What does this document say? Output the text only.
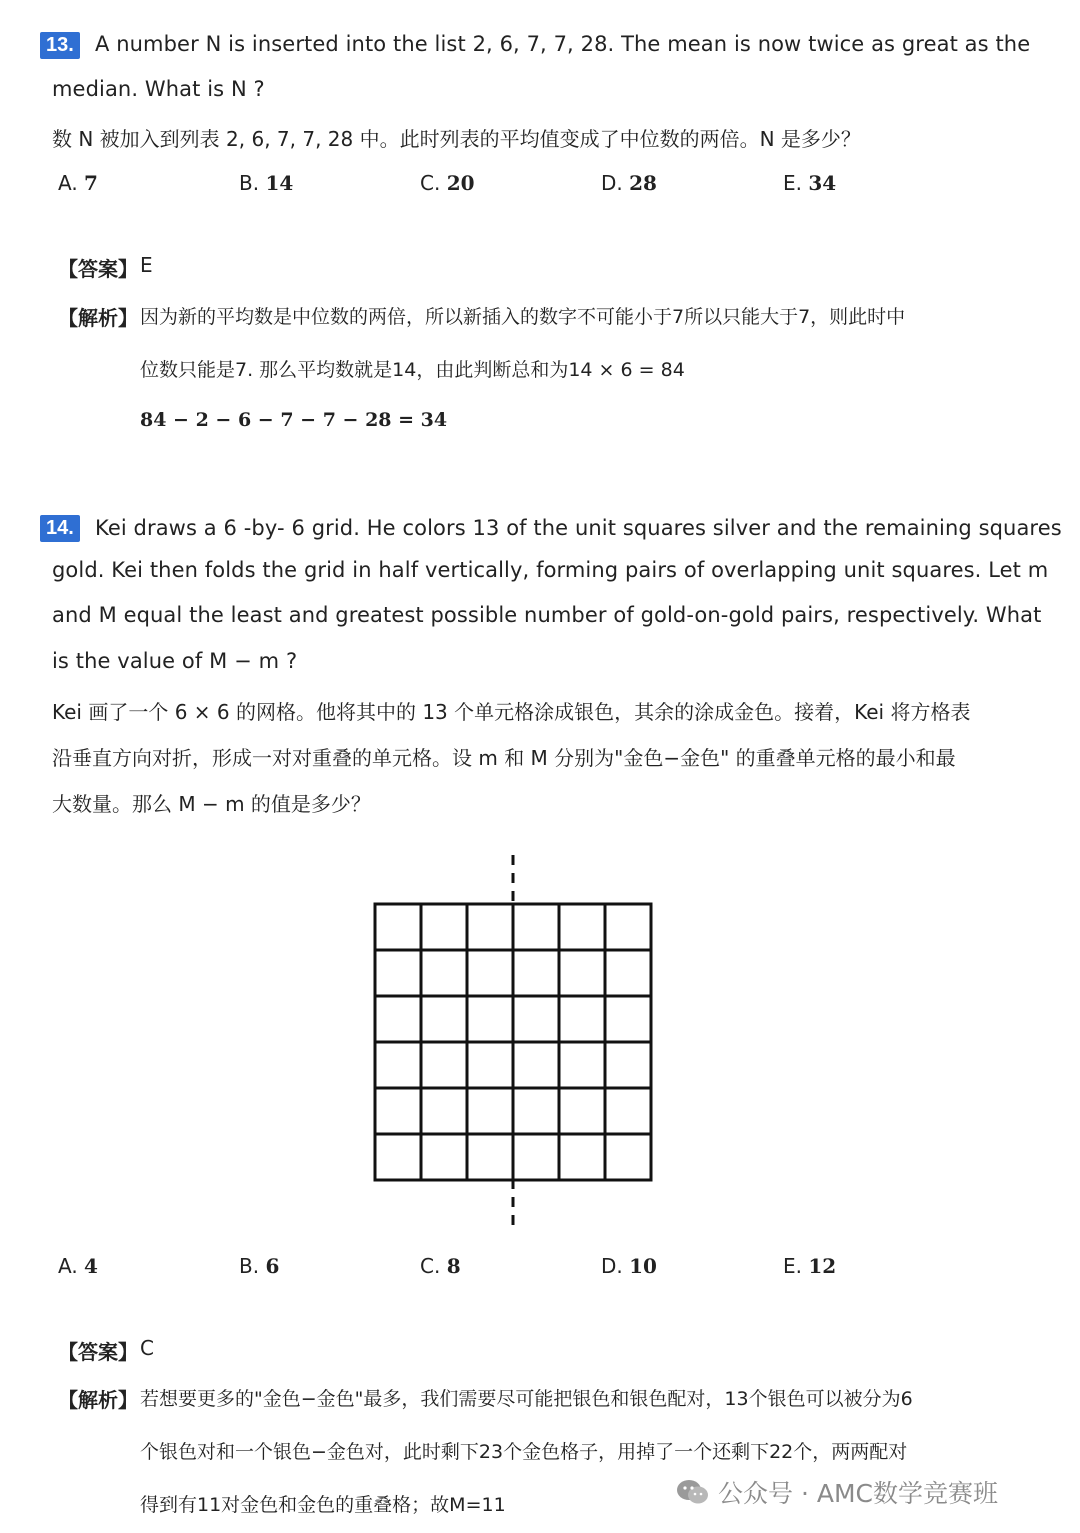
13. A number N is inserted into the list 2, 6, 7, 7, 28. The mean is now twice as great as the
median. What is N ?
数 N 被加入到列表 2, 6, 7, 7, 28 中。此时列表的平均值变成了中位数的两倍。N 是多少？
A. 7	B. 14	C. 20	D. 28	E. 34
【答案】 E
【解析】 因为新的平均数是中位数的两倍，所以新插入的数字不可能小于7所以只能大于7，则此时中
位数只能是7. 那么平均数就是14，由此判断总和为14 × 6 = 84
84 − 2 − 6 − 7 − 7 − 28 = 34
14. Kei draws a 6 -by- 6 grid. He colors 13 of the unit squares silver and the remaining squares
gold. Kei then folds the grid in half vertically, forming pairs of overlapping unit squares. Let m
and M equal the least and greatest possible number of gold-on-gold pairs, respectively. What
is the value of M − m ?
Kei 画了一个 6 × 6 的网格。他将其中的 13 个单元格涂成银色，其余的涂成金色。接着，Kei 将方格表
沿垂直方向对折，形成一对对重叠的单元格。设 m 和 M 分别为"金色−金色" 的重叠单元格的最小和最
大数量。那么 M − m 的值是多少？
A. 4	B. 6	C. 8	D. 10	E. 12
【答案】 C
【解析】 若想要更多的"金色−金色"最多，我们需要尽可能把银色和银色配对，13个银色可以被分为6
个银色对和一个银色−金色对，此时剩下23个金色格子，用掉了一个还剩下22个，两两配对
得到有11对金色和金色的重叠格；故M=11	公众号 · AMC数学竞赛班
